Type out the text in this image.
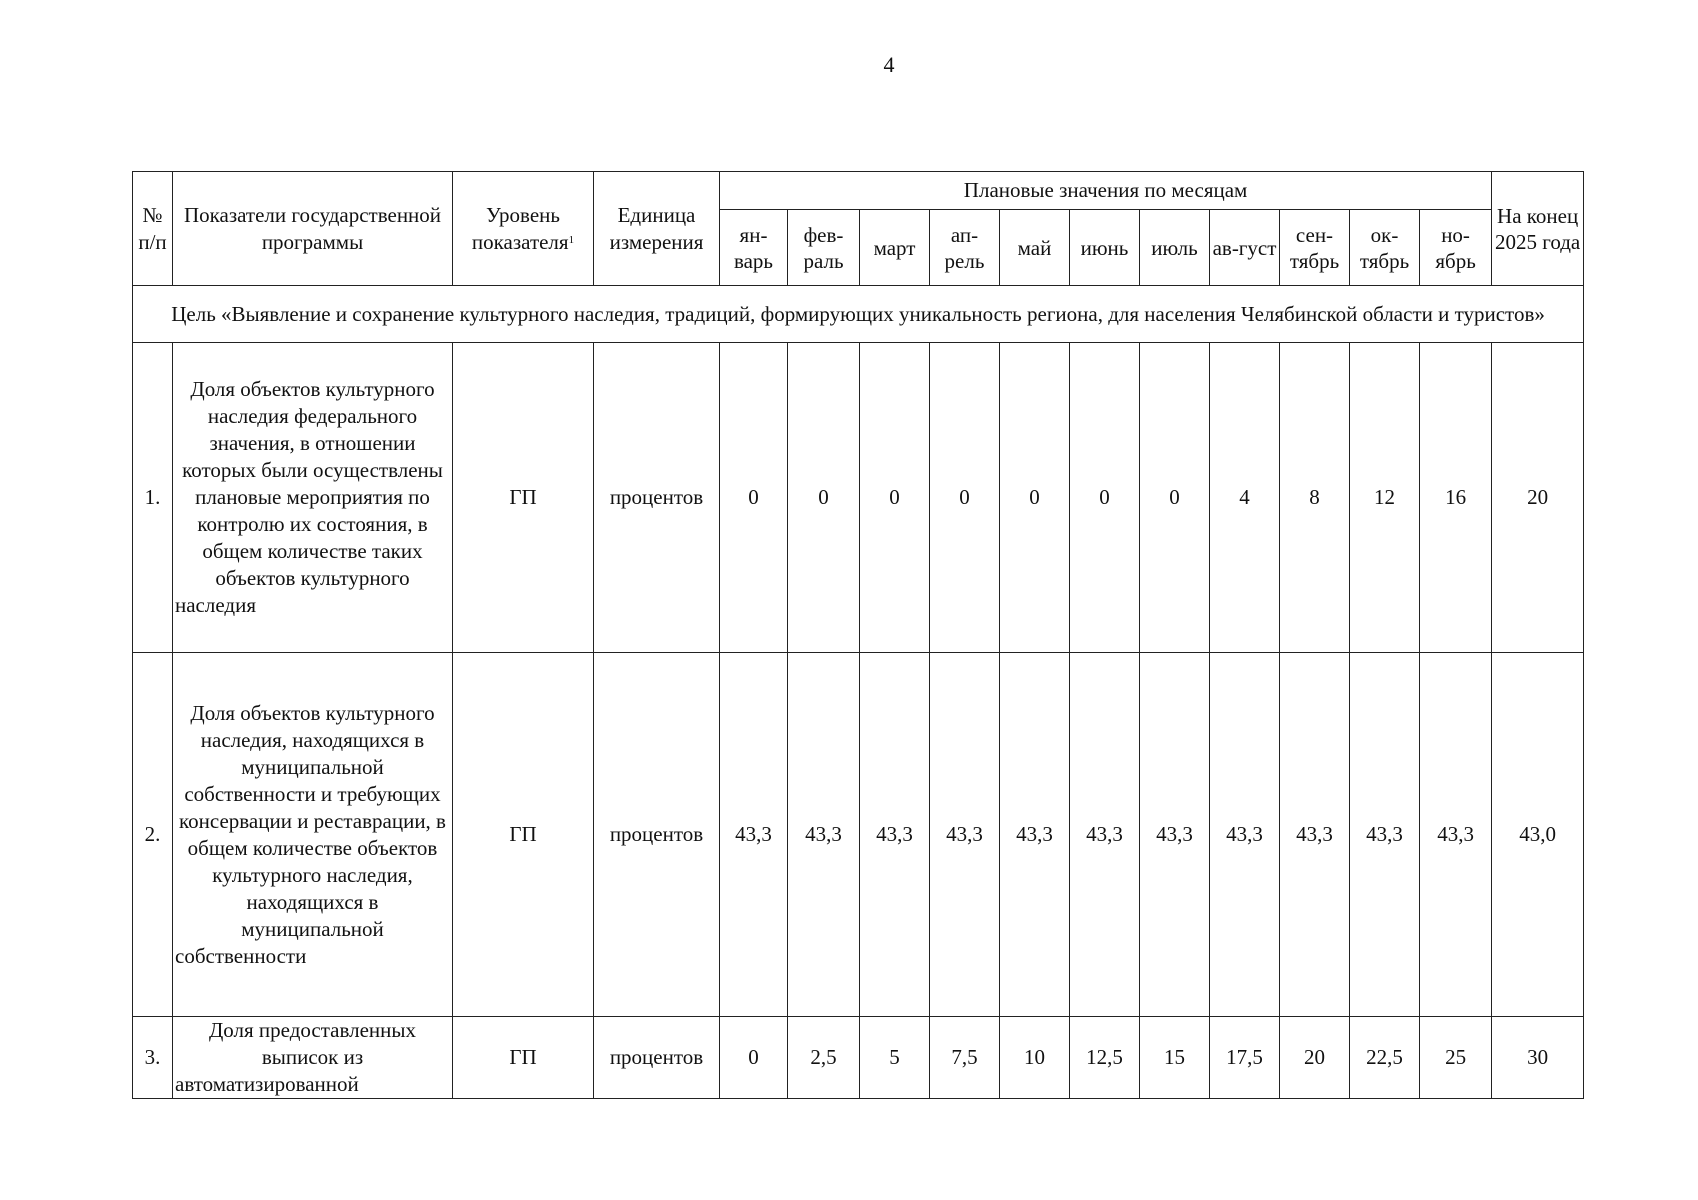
4
№ п/п	Показатели государственной программы	Уровень показателя$^1$	Единица измерения	Плановые значения по месяцам											На конец 2025 года
				ян-варь	фев-раль	март	ап-рель	май	июнь	июль	ав-густ	сен-тябрь	ок-тябрь	но-ябрь	
Цель «Выявление и сохранение культурного наследия, традиций, формирующих уникальность региона, для населения Челябинской области и туристов»															
1.	Доля объектов культурного наследия федерального значения, в отношении которых были осуществлены плановые мероприятия по контролю их состояния, в общем количестве таких объектов культурного наследия	ГП	процентов	0	0	0	0	0	0	0	4	8	12	16	20
2.	Доля объектов культурного наследия, находящихся в муниципальной собственности и требующих консервации и реставрации, в общем количестве объектов культурного наследия, находящихся в муниципальной собственности	ГП	процентов	43,3	43,3	43,3	43,3	43,3	43,3	43,3	43,3	43,3	43,3	43,3	43,0
3.	Доля предоставленных выписок из автоматизированной	ГП	процентов	0	2,5	5	7,5	10	12,5	15	17,5	20	22,5	25	30
